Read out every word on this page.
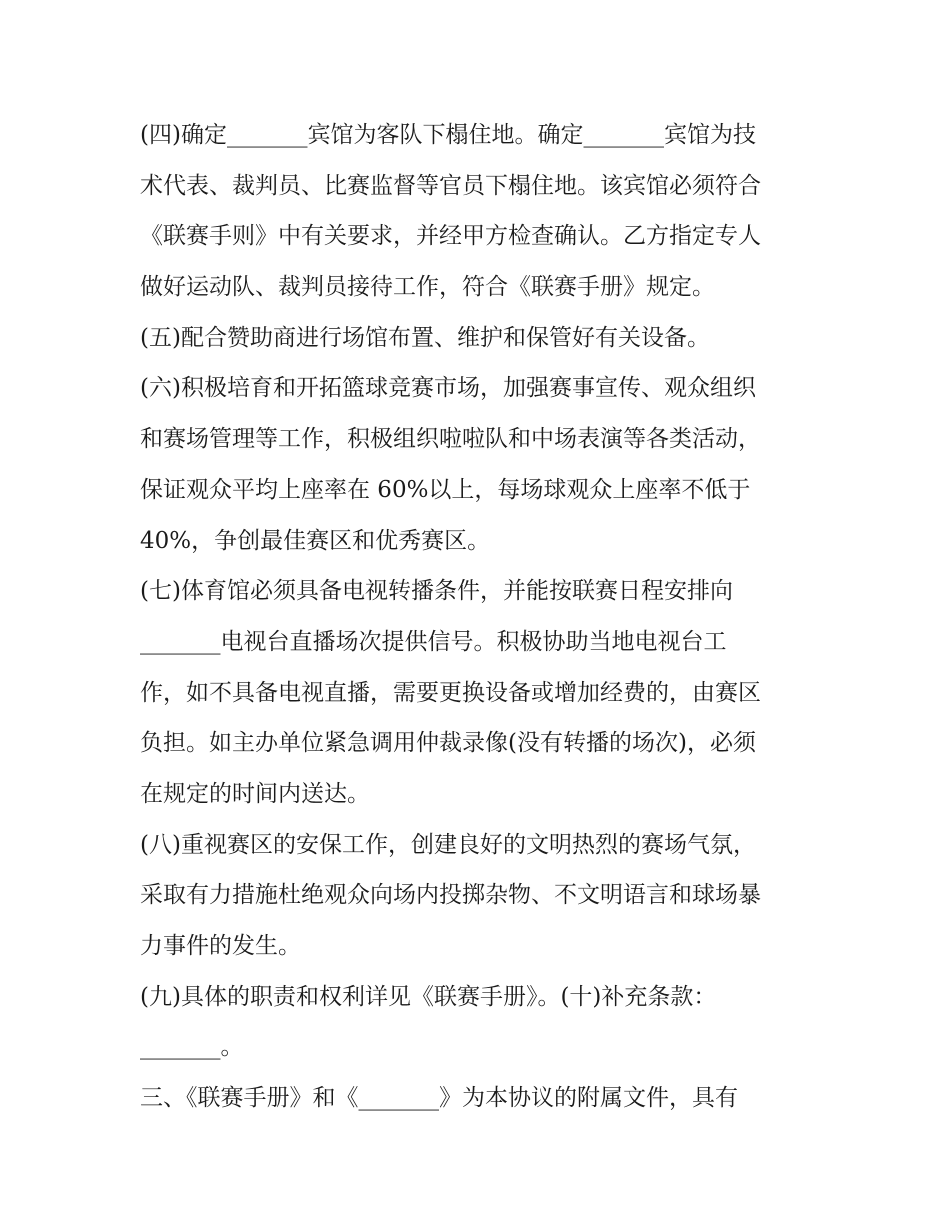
(四)确定_______宾馆为客队下榻住地。确定_______宾馆为技
术代表、裁判员、比赛监督等官员下榻住地。该宾馆必须符合
《联赛手则》中有关要求，并经甲方检查确认。乙方指定专人
做好运动队、裁判员接待工作，符合《联赛手册》规定。
(五)配合赞助商进行场馆布置、维护和保管好有关设备。
(六)积极培育和开拓篮球竞赛市场，加强赛事宣传、观众组织
和赛场管理等工作，积极组织啦啦队和中场表演等各类活动，
保证观众平均上座率在 60%以上，每场球观众上座率不低于
40%，争创最佳赛区和优秀赛区。
(七)体育馆必须具备电视转播条件，并能按联赛日程安排向
_______电视台直播场次提供信号。积极协助当地电视台工
作，如不具备电视直播，需要更换设备或增加经费的，由赛区
负担。如主办单位紧急调用仲裁录像(没有转播的场次)，必须
在规定的时间内送达。
(八)重视赛区的安保工作，创建良好的文明热烈的赛场气氛，
采取有力措施杜绝观众向场内投掷杂物、不文明语言和球场暴
力事件的发生。
(九)具体的职责和权利详见《联赛手册》。(十)补充条款：
_______。
三、《联赛手册》和《_______》为本协议的附属文件，具有
